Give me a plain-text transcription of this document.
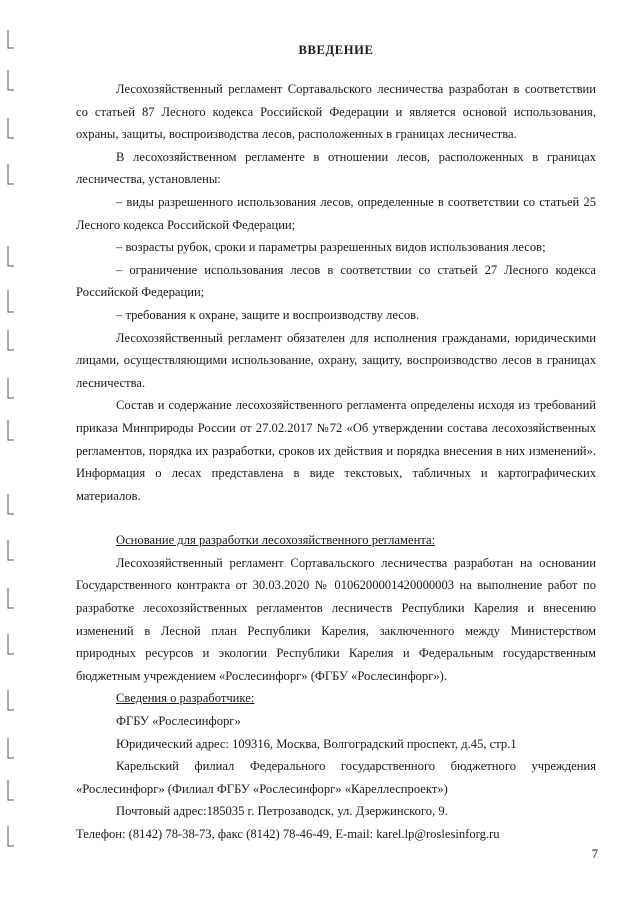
ВВЕДЕНИЕ

Лесохозяйственный регламент Сортавальского лесничества разработан в соответствии со статьей 87 Лесного кодекса Российской Федерации и является основой использования, охраны, защиты, воспроизводства лесов, расположенных в границах лесничества.

В лесохозяйственном регламенте в отношении лесов, расположенных в границах лесничества, установлены:

– виды разрешенного использования лесов, определенные в соответствии со статьей 25 Лесного кодекса Российской Федерации;

– возрасты рубок, сроки и параметры разрешенных видов использования лесов;

– ограничение использования лесов в соответствии со статьей 27 Лесного кодекса Российской Федерации;

– требования к охране, защите и воспроизводству лесов.

Лесохозяйственный регламент обязателен для исполнения гражданами, юридическими лицами, осуществляющими использование, охрану, защиту, воспроизводство лесов в границах лесничества.

Состав и содержание лесохозяйственного регламента определены исходя из требований приказа Минприроды России от 27.02.2017 №72 «Об утверждении состава лесохозяйственных регламентов, порядка их разработки, сроков их действия и порядка внесения в них изменений». Информация о лесах представлена в виде текстовых, табличных и картографических материалов.

Основание для разработки лесохозяйственного регламента:

Лесохозяйственный регламент Сортавальского лесничества разработан на основании Государственного контракта от 30.03.2020 № 0106200001420000003 на выполнение работ по разработке лесохозяйственных регламентов лесничеств Республики Карелия и внесению изменений в Лесной план Республики Карелия, заключенного между Министерством природных ресурсов и экологии Республики Карелия и Федеральным государственным бюджетным учреждением «Рослесинфорг» (ФГБУ «Рослесинфорг»).

Сведения о разработчике:

ФГБУ «Рослесинфорг»

Юридический адрес: 109316, Москва, Волгоградский проспект, д.45, стр.1

Карельский филиал Федерального государственного бюджетного учреждения «Рослесинфорг» (Филиал ФГБУ «Рослесинфорг» «Кареллеспроект»)

Почтовый адрес:185035 г. Петрозаводск, ул. Дзержинского, 9.

Телефон: (8142) 78-38-73, факс (8142) 78-46-49, E-mail: karel.lp@roslesinforg.ru

7
